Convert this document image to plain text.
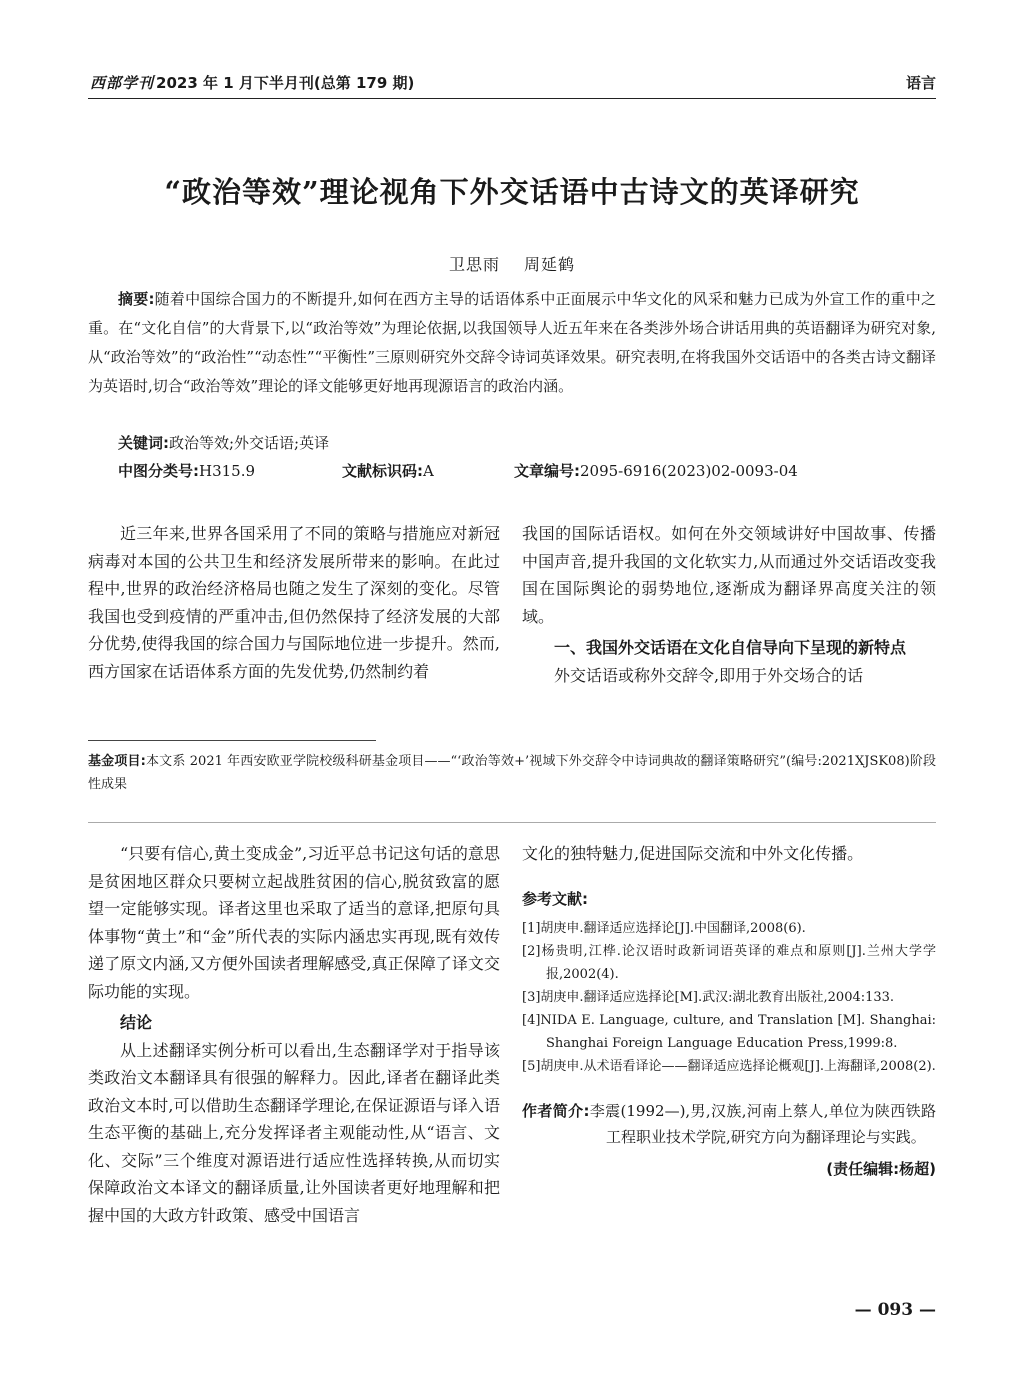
西部学刊 2023 年 1 月下半月刊(总第 179 期)	语言
“政治等效”理论视角下外交话语中古诗文的英译研究
卫思雨 周延鹤
摘要:随着中国综合国力的不断提升,如何在西方主导的话语体系中正面展示中华文化的风采和魅力已成为外宣工作的重中之重。在“文化自信”的大背景下,以“政治等效”为理论依据,以我国领导人近五年来在各类涉外场合讲话用典的英语翻译为研究对象,从“政治等效”的“政治性”“动态性”“平衡性”三原则研究外交辞令诗词英译效果。研究表明,在将我国外交话语中的各类古诗文翻译为英语时,切合“政治等效”理论的译文能够更好地再现源语言的政治内涵。
关键词:政治等效;外交话语;英译
中图分类号:H315.9	文献标识码:A	文章编号:2095-6916(2023)02-0093-04

近三年来,世界各国采用了不同的策略与措施应对新冠病毒对本国的公共卫生和经济发展所带来的影响。在此过程中,世界的政治经济格局也随之发生了深刻的变化。尽管我国也受到疫情的严重冲击,但仍然保持了经济发展的大部分优势,使得我国的综合国力与国际地位进一步提升。然而,西方国家在话语体系方面的先发优势,仍然制约着

我国的国际话语权。如何在外交领域讲好中国故事、传播中国声音,提升我国的文化软实力,从而通过外交话语改变我国在国际舆论的弱势地位,逐渐成为翻译界高度关注的领域。

一、我国外交话语在文化自信导向下呈现的新特点

外交话语或称外交辞令,即用于外交场合的话

基金项目:本文系 2021 年西安欧亚学院校级科研基金项目——“‘政治等效+’视域下外交辞令中诗词典故的翻译策略研究”(编号:2021XJSK08)阶段性成果

“只要有信心,黄土变成金”,习近平总书记这句话的意思是贫困地区群众只要树立起战胜贫困的信心,脱贫致富的愿望一定能够实现。译者这里也采取了适当的意译,把原句具体事物“黄土”和“金”所代表的实际内涵忠实再现,既有效传递了原文内涵,又方便外国读者理解感受,真正保障了译文交际功能的实现。

结论

从上述翻译实例分析可以看出,生态翻译学对于指导该类政治文本翻译具有很强的解释力。因此,译者在翻译此类政治文本时,可以借助生态翻译学理论,在保证源语与译入语生态平衡的基础上,充分发挥译者主观能动性,从“语言、文化、交际”三个维度对源语进行适应性选择转换,从而切实保障政治文本译文的翻译质量,让外国读者更好地理解和把握中国的大政方针政策、感受中国语言

文化的独特魅力,促进国际交流和中外文化传播。

参考文献:
[1]胡庚申.翻译适应选择论[J].中国翻译,2008(6).
[2]杨贵明,江桦.论汉语时政新词语英译的难点和原则[J].兰州大学学报,2002(4).
[3]胡庚申.翻译适应选择论[M].武汉:湖北教育出版社,2004:133.
[4]NIDA E. Language, culture, and Translation [M]. Shanghai: Shanghai Foreign Language Education Press,1999:8.
[5]胡庚申.从术语看译论——翻译适应选择论概观[J].上海翻译,2008(2).
作者简介:李震(1992—),男,汉族,河南上蔡人,单位为陕西铁路工程职业技术学院,研究方向为翻译理论与实践。
(责任编辑:杨超)
— 093 —
